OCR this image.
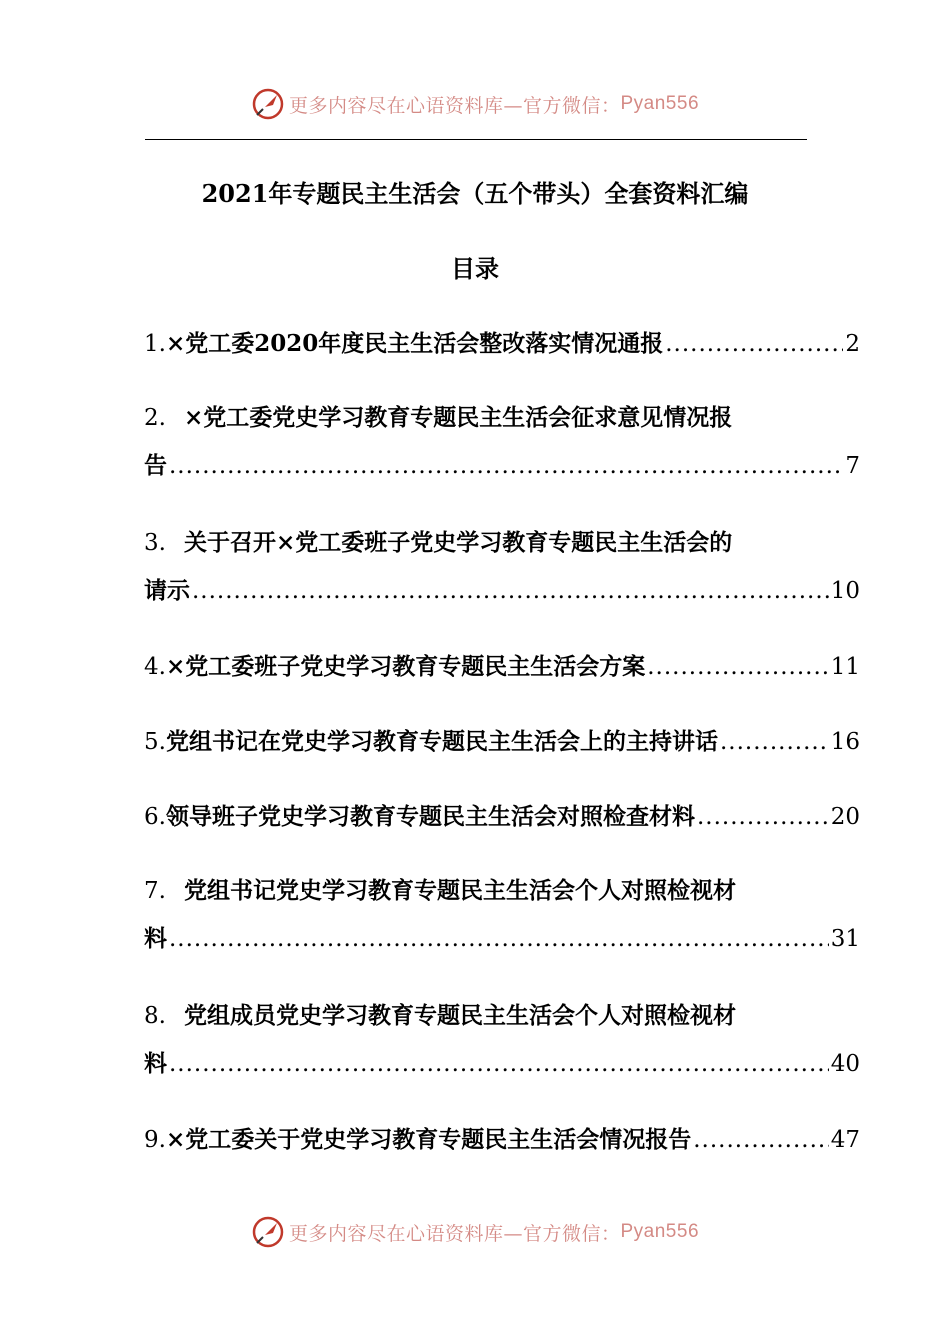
更多内容尽在心语资料库—官方微信： Pyan556
2021年专题民主生活会（五个带头）全套资料汇编
目录
1. ×党工委2020年度民主生活会整改落实情况通报 .....	2
2. ×党工委党史学习教育专题民主生活会征求意见情况报
告 .....	7
3. 关于召开×党工委班子党史学习教育专题民主生活会的
请示 .....	10
4. ×党工委班子党史学习教育专题民主生活会方案 .....	11
5. 党组书记在党史学习教育专题民主生活会上的主持讲话 .....	16
6. 领导班子党史学习教育专题民主生活会对照检查材料 .....	20
7. 党组书记党史学习教育专题民主生活会个人对照检视材
料 .....	31
8. 党组成员党史学习教育专题民主生活会个人对照检视材
料 .....	40
9. ×党工委关于党史学习教育专题民主生活会情况报告 .....	47
更多内容尽在心语资料库—官方微信： Pyan556
